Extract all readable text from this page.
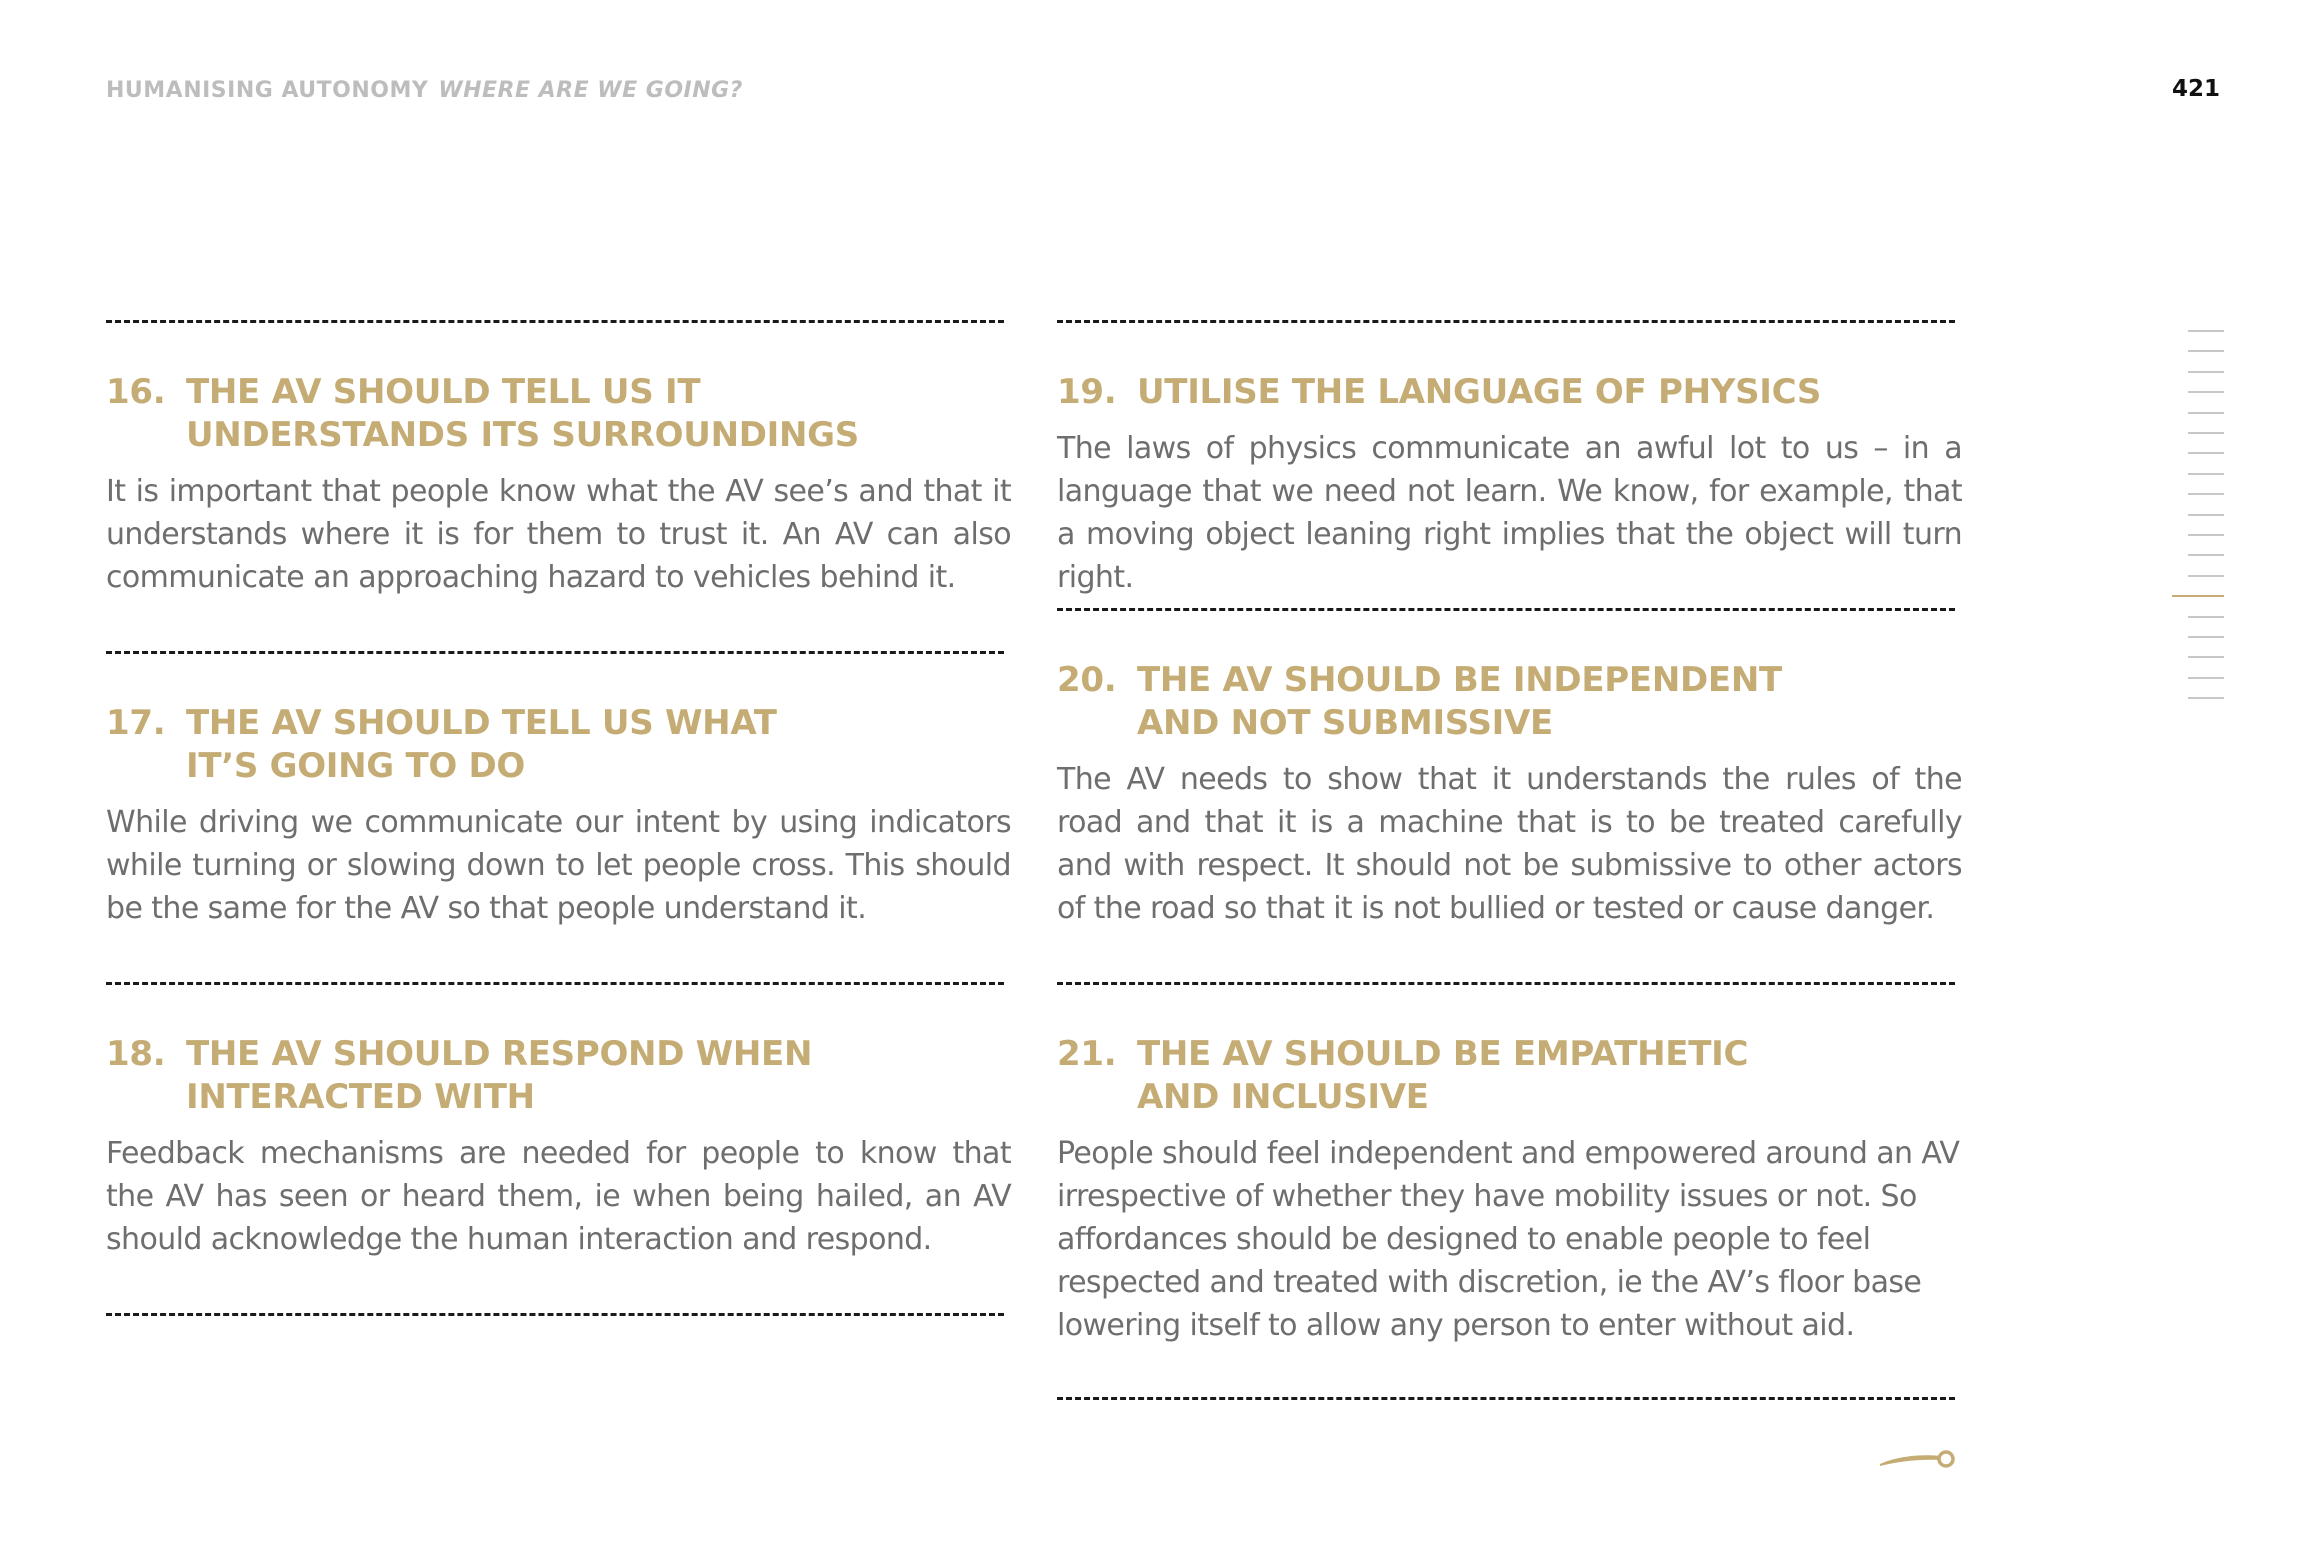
HUMANISING AUTONOMY WHERE ARE WE GOING?	421
16. THE AV SHOULD TELL US IT
UNDERSTANDS ITS SURROUNDINGS
It is important that people know what the AV see’s and that it understands where it is for them to trust it. An AV can also communicate an approaching hazard to vehicles behind it.
17. THE AV SHOULD TELL US WHAT
IT’S GOING TO DO
While driving we communicate our intent by using indicators while turning or slowing down to let people cross. This should be the same for the AV so that people understand it.
18. THE AV SHOULD RESPOND WHEN
INTERACTED WITH
Feedback mechanisms are needed for people to know that the AV has seen or heard them, ie when being hailed, an AV should acknowledge the human interaction and respond.
19. UTILISE THE LANGUAGE OF PHYSICS
The laws of physics communicate an awful lot to us – in a language that we need not learn. We know, for example, that a moving object leaning right implies that the object will turn right.
20. THE AV SHOULD BE INDEPENDENT
AND NOT SUBMISSIVE
The AV needs to show that it understands the rules of the road and that it is a machine that is to be treated carefully and with respect. It should not be submissive to other actors of the road so that it is not bullied or tested or cause danger.
21. THE AV SHOULD BE EMPATHETIC
AND INCLUSIVE
People should feel independent and empowered around an AV irrespective of whether they have mobility issues or not. So affordances should be designed to enable people to feel respected and treated with discretion, ie the AV’s floor base lowering itself to allow any person to enter without aid.
